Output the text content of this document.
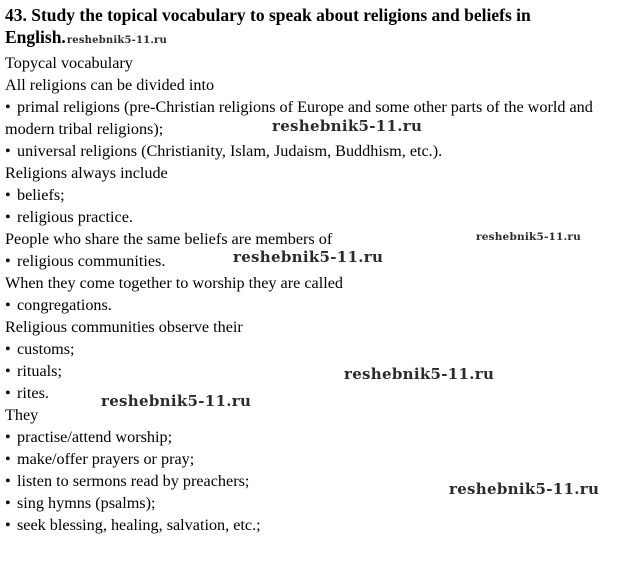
43. Study the topical vocabulary to speak about religions and beliefs in English.reshebnik5-11.ru

Topycal vocabulary
All religions can be divided into
• primal religions (pre-Christian religions of Europe and some other parts of the world and modern tribal religions);
• universal religions (Christianity, Islam, Judaism, Buddhism, etc.).
Religions always include
• beliefs;
• religious practice.
People who share the same beliefs are members of
• religious communities.
When they come together to worship they are called
• congregations.
Religious communities observe their
• customs;
• rituals;
• rites.
They
• practise/attend worship;
• make/offer prayers or pray;
• listen to sermons read by preachers;
• sing hymns (psalms);
• seek blessing, healing, salvation, etc.;
reshebnik5-11.ru
reshebnik5-11.ru
reshebnik5-11.ru
reshebnik5-11.ru
reshebnik5-11.ru
reshebnik5-11.ru
